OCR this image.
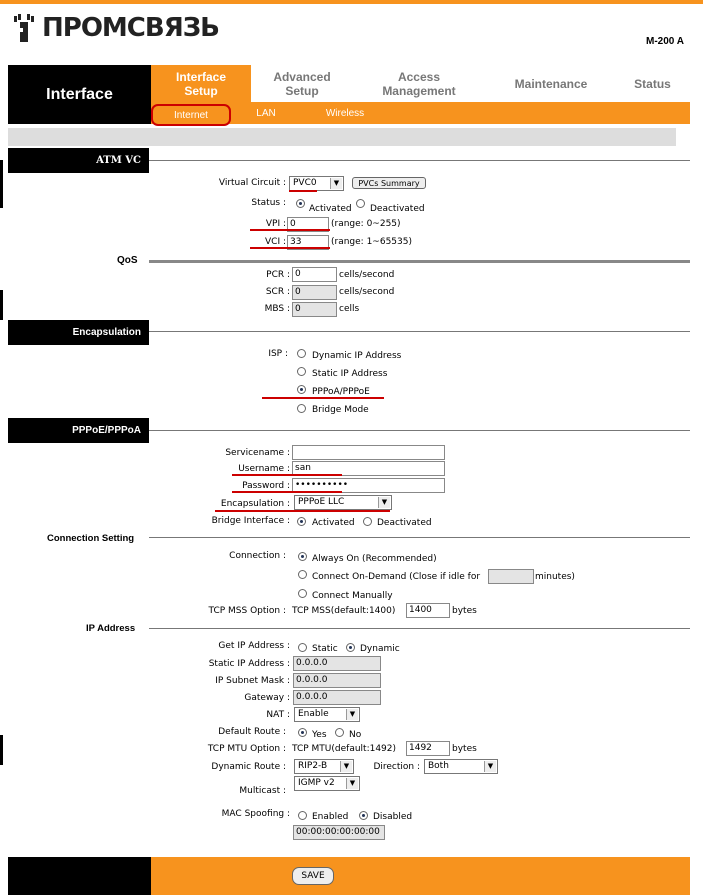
ПРОМСВЯЗЬ	M-200 A
Interface
Interface
Setup
Advanced
Setup
Access
Management	Maintenance	Status
Internet	LAN	Wireless
ATM VC
Virtual Circuit : PVC0	▼	PVCs Summary
Status :
Activated Deactivated
VPI : 0	(range: 0~255)
VCI : 33	(range: 1~65535)
QoS
PCR : 0	cells/second
SCR : 0	cells/second
MBS : 0	cells
Encapsulation
ISP :	Dynamic IP Address
Static IP Address
PPPoA/PPPoE
Bridge Mode
PPPoE/PPPoA
Servicename :
Username : san
Password : ••••••••••
Encapsulation : PPPoE LLC	▼
Bridge Interface : Activated Deactivated
Connection Setting
Connection :	Always On (Recommended)
Connect On-Demand (Close if idle for	minutes)
Connect Manually
TCP MSS Option : TCP MSS(default:1400)	1400	bytes
IP Address
Get IP Address : Static Dynamic
Static IP Address : 0.0.0.0
IP Subnet Mask : 0.0.0.0
Gateway : 0.0.0.0
NAT : Enable	▼
Default Route :	Yes No
TCP MTU Option : TCP MTU(default:1492)	1492	bytes
Dynamic Route : RIP2-B	▼	Direction : Both	▼
Multicast :
IGMP v2	▼
MAC Spoofing : Enabled	Disabled
00:00:00:00:00:00
SAVE
